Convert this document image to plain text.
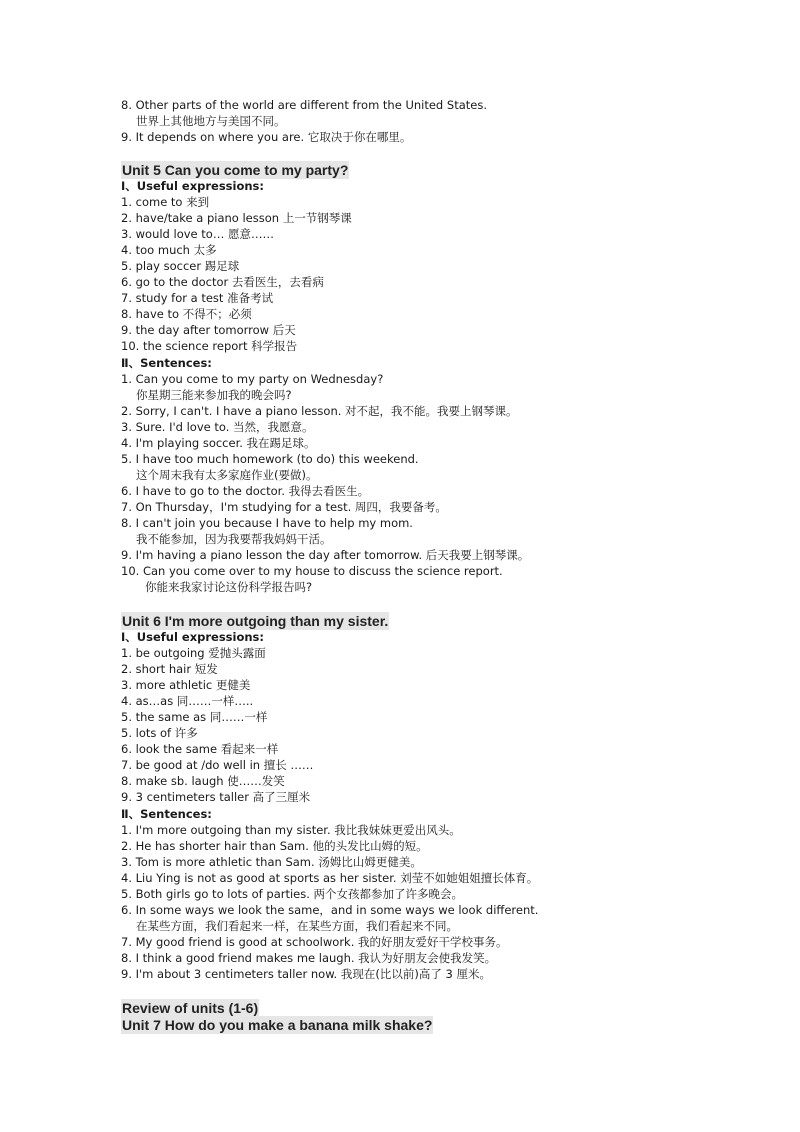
8. Other parts of the world are different from the United States.
世界上其他地方与美国不同。
9. It depends on where you are. 它取决于你在哪里。
Unit 5 Can you come to my party?
Ⅰ、Useful expressions:
1. come to 来到
2. have/take a piano lesson 上一节钢琴课
3. would love to… 愿意……
4. too much 太多
5. play soccer 踢足球
6. go to the doctor 去看医生，去看病
7. study for a test 准备考试
8. have to 不得不；必须
9. the day after tomorrow 后天
10. the science report 科学报告
Ⅱ、Sentences:
1. Can you come to my party on Wednesday?
你星期三能来参加我的晚会吗?
2. Sorry, I can't. I have a piano lesson. 对不起，我不能。我要上钢琴课。
3. Sure. I'd love to. 当然，我愿意。
4. I'm playing soccer. 我在踢足球。
5. I have too much homework (to do) this weekend.
这个周末我有太多家庭作业(要做)。
6. I have to go to the doctor. 我得去看医生。
7. On Thursday，I'm studying for a test. 周四，我要备考。
8. I can't join you because I have to help my mom.
我不能参加，因为我要帮我妈妈干活。
9. I'm having a piano lesson the day after tomorrow. 后天我要上钢琴课。
10. Can you come over to my house to discuss the science report.
你能来我家讨论这份科学报告吗?
Unit 6 I'm more outgoing than my sister.
Ⅰ、Useful expressions:
1. be outgoing 爱抛头露面
2. short hair 短发
3. more athletic 更健美
4. as…as 同……一样…..
5. the same as 同……一样
5. lots of 许多
6. look the same 看起来一样
7. be good at /do well in 擅长 ……
8. make sb. laugh 使……发笑
9. 3 centimeters taller 高了三厘米
Ⅱ、Sentences:
1. I'm more outgoing than my sister. 我比我妹妹更爱出风头。
2. He has shorter hair than Sam. 他的头发比山姆的短。
3. Tom is more athletic than Sam. 汤姆比山姆更健美。
4. Liu Ying is not as good at sports as her sister. 刘莹不如她姐姐擅长体育。
5. Both girls go to lots of parties. 两个女孩都参加了许多晚会。
6. In some ways we look the same，and in some ways we look different.
在某些方面，我们看起来一样，在某些方面，我们看起来不同。
7. My good friend is good at schoolwork. 我的好朋友爱好干学校事务。
8. I think a good friend makes me laugh. 我认为好朋友会使我发笑。
9. I'm about 3 centimeters taller now. 我现在(比以前)高了 3 厘米。
Review of units (1-6)
Unit 7 How do you make a banana milk shake?
